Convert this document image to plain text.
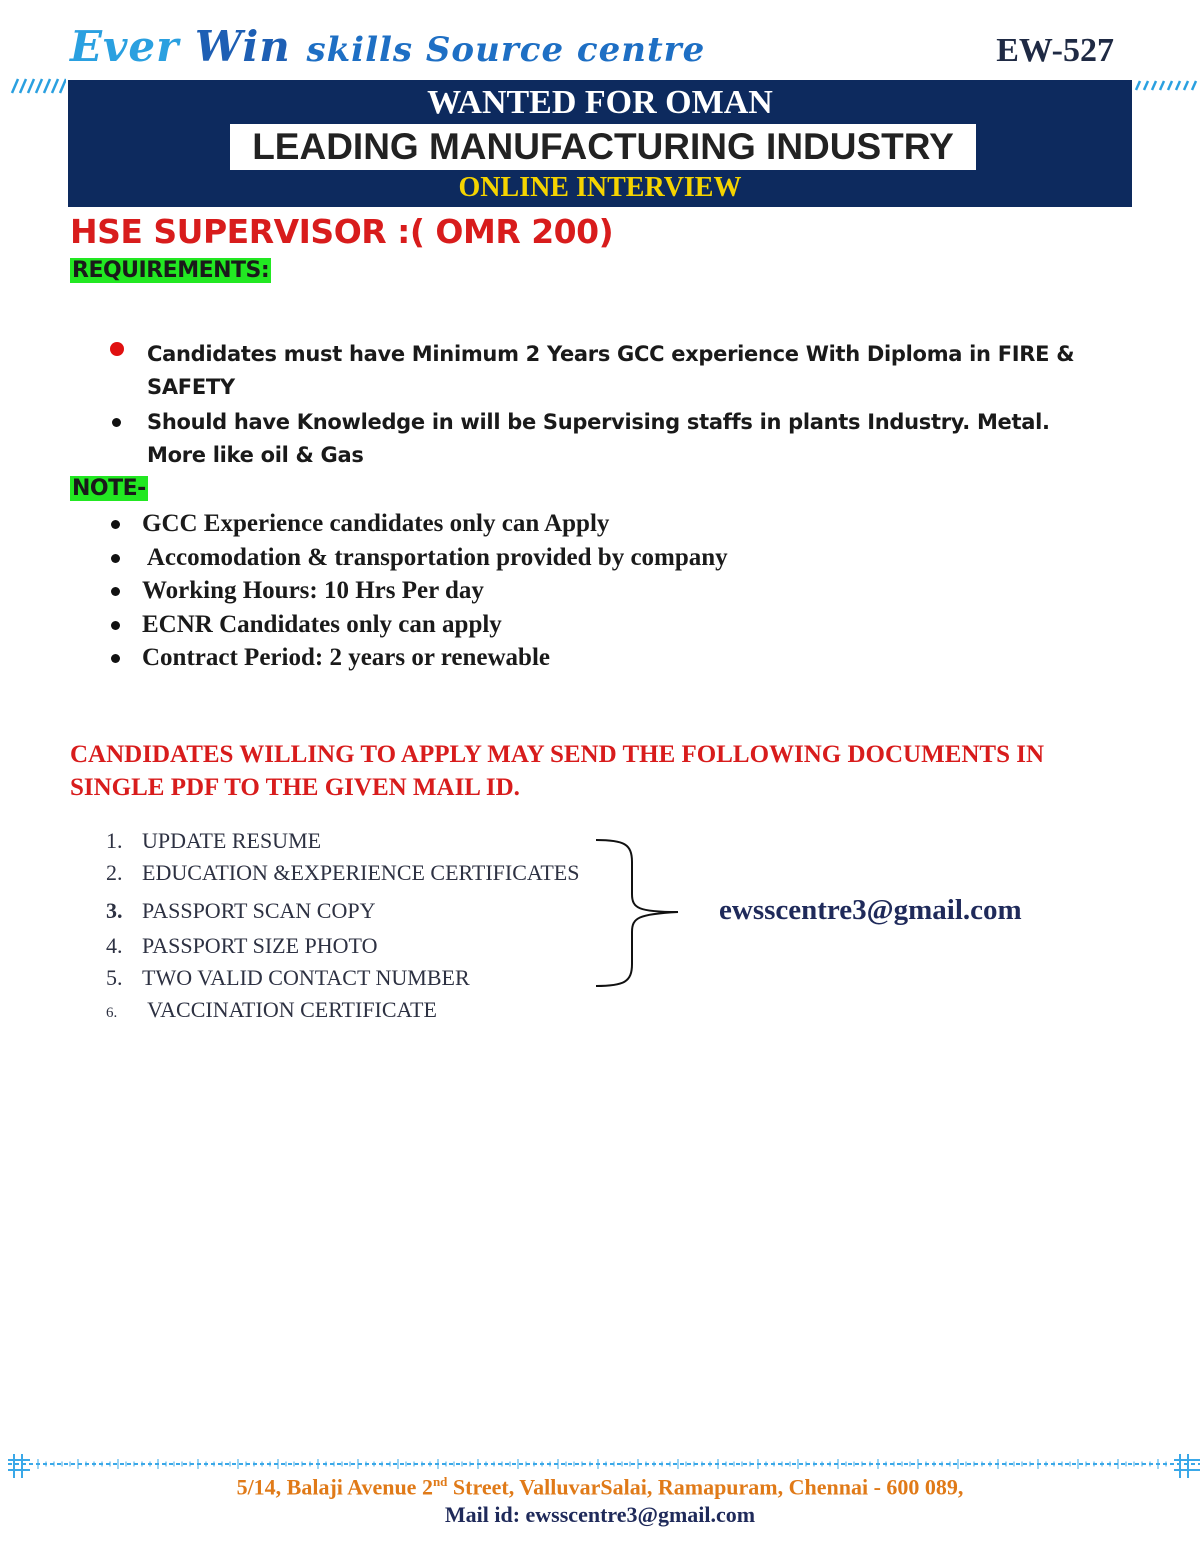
Ever Win skills Source centre	EW-527
WANTED FOR OMAN
LEADING MANUFACTURING INDUSTRY
ONLINE INTERVIEW
HSE SUPERVISOR :( OMR 200)
REQUIREMENTS:
Candidates must have Minimum 2 Years GCC experience With Diploma in FIRE & SAFETY
Should have Knowledge in will be Supervising staffs in plants Industry. Metal. More like oil & Gas
NOTE-
GCC Experience candidates only can Apply
Accomodation & transportation provided by company
Working Hours: 10 Hrs Per day
ECNR Candidates only can apply
Contract Period: 2 years or renewable
CANDIDATES WILLING TO APPLY MAY SEND THE FOLLOWING DOCUMENTS IN SINGLE PDF TO THE GIVEN MAIL ID.
1. UPDATE RESUME
2. EDUCATION &EXPERIENCE CERTIFICATES
3. PASSPORT SCAN COPY
4. PASSPORT SIZE PHOTO
5. TWO VALID CONTACT NUMBER
6. VACCINATION CERTIFICATE
ewsscentre3@gmail.com
5/14, Balaji Avenue 2nd Street, ValluvarSalai, Ramapuram, Chennai - 600 089,
Mail id: ewsscentre3@gmail.com
